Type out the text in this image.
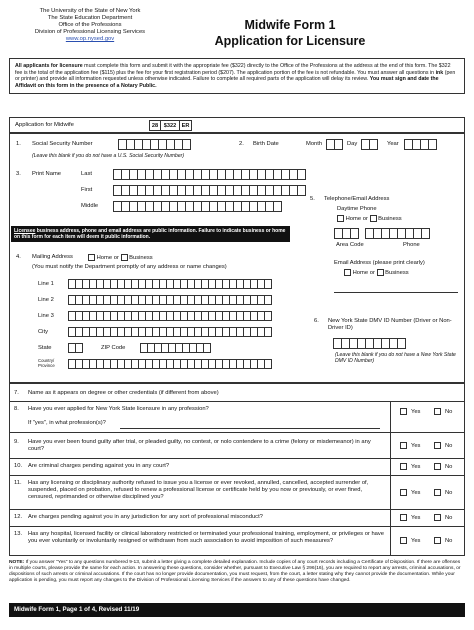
The University of the State of New York
The State Education Department
Office of the Professions
Division of Professional Licensing Services
www.op.nysed.gov
Midwife Form 1
Application for Licensure
All applicants for licensure must complete this form and submit it with the appropriate fee ($322) directly to the Office of the Professions at the address at the end of this form. The $322 fee is the total of the application fee ($115) plus the fee for your first registration period ($207). The application portion of the fee is not refundable. You must answer all questions in ink (pen or printer) and provide all information requested unless otherwise indicated. Failure to complete all required parts of the application will delay its review. You must sign and date the Affidavit on this form in the presence of a Notary Public.
Application for Midwife	28	$322 ER
1. Social Security Number
(Leave this blank if you do not have a U.S. Social Security Number)
2. Birth Date	Month	Day	Year
3. Print Name	Last
First
Middle
Licensee business address, phone and email address are public information. Failure to indicate business or home on this form for each item will deem it public information.
5. Telephone/Email Address
Daytime Phone
Home or Business
Area Code	Phone
Email Address (please print clearly)
Home or Business
4. Mailing Address	Home or Business
(You must notify the Department promptly of any address or name changes)
Line 1
Line 2
Line 3
City
State	ZIP Code
Country/ Province
6. New York State DMV ID Number (Driver or Non-Driver ID)
(Leave this blank if you do not have a New York State DMV ID Number)
7. Name as it appears on degree or other credentials (if different from above)
8. Have you ever applied for New York State licensure in any profession?
If "yes", in what profession(s)?
Yes	No
9. Have you ever been found guilty after trial, or pleaded guilty, no contest, or nolo contendere to a crime (felony or misdemeanor) in any court?
Yes	No
10. Are criminal charges pending against you in any court?	Yes	No
11. Has any licensing or disciplinary authority refused to issue you a license or ever revoked, annulled, cancelled, accepted surrender of, suspended, placed on probation, refused to renew a professional license or certificate held by you now or previously, or ever fined, censured, reprimanded or otherwise disciplined you?
Yes	No
12. Are charges pending against you in any jurisdiction for any sort of professional misconduct?	Yes	No
13. Has any hospital, licensed facility or clinical laboratory restricted or terminated your professional training, employment, or privileges or have you ever voluntarily or involuntarily resigned or withdrawn from such association to avoid imposition of such measures?	Yes	No
NOTE: If you answer "Yes" to any questions numbered 9-13, submit a letter giving a complete detailed explanation. Include copies of any court records including a Certificate of Disposition. If there are offenses in multiple courts, please provide the same for each action. In answering these questions, consider whether, pursuant to Executive Law § 296(16), you are required to report any arrests, criminal accusations, or dispositions of such arrests or criminal accusations. If the court has no longer provide documentation, you must request, from the court, a letter stating why they cannot provide the documentation. While your application is pending, you must report any changes to the Division of Professional Licensing Services if the answers to any of these questions have changed.
Midwife Form 1, Page 1 of 4, Revised 11/19
